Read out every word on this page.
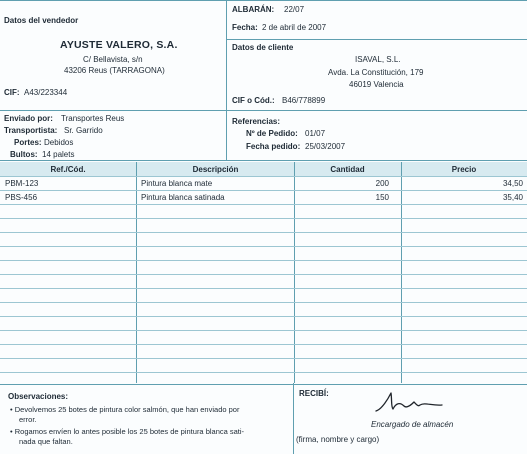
Datos del vendedor
AYUSTE VALERO, S.A.
C/ Bellavista, s/n
43206 Reus (TARRAGONA)
CIF: A43/223344
ALBARÁN: 22/07
Fecha: 2 de abril de 2007
Datos de cliente
ISAVAL, S.L.
Avda. La Constitución, 179
46019 Valencia
CIF o Cód.: B46/778899
Enviado por: Transportes Reus
Transportista: Sr. Garrido
Portes: Debidos
Bultos: 14 palets
Referencias:
Nº de Pedido: 01/07
Fecha pedido: 25/03/2007
Ref./Cód.	Descripción	Cantidad	Precio
PBM-123	Pintura blanca mate	200	34,50
PBS-456	Pintura blanca satinada	150	35,40
Observaciones:
• Devolvemos 25 botes de pintura color salmón, que han enviado por
error.
• Rogamos envíen lo antes posible los 25 botes de pintura blanca sati-
nada que faltan.
RECIBÍ:
Encargado de almacén
(firma, nombre y cargo)
